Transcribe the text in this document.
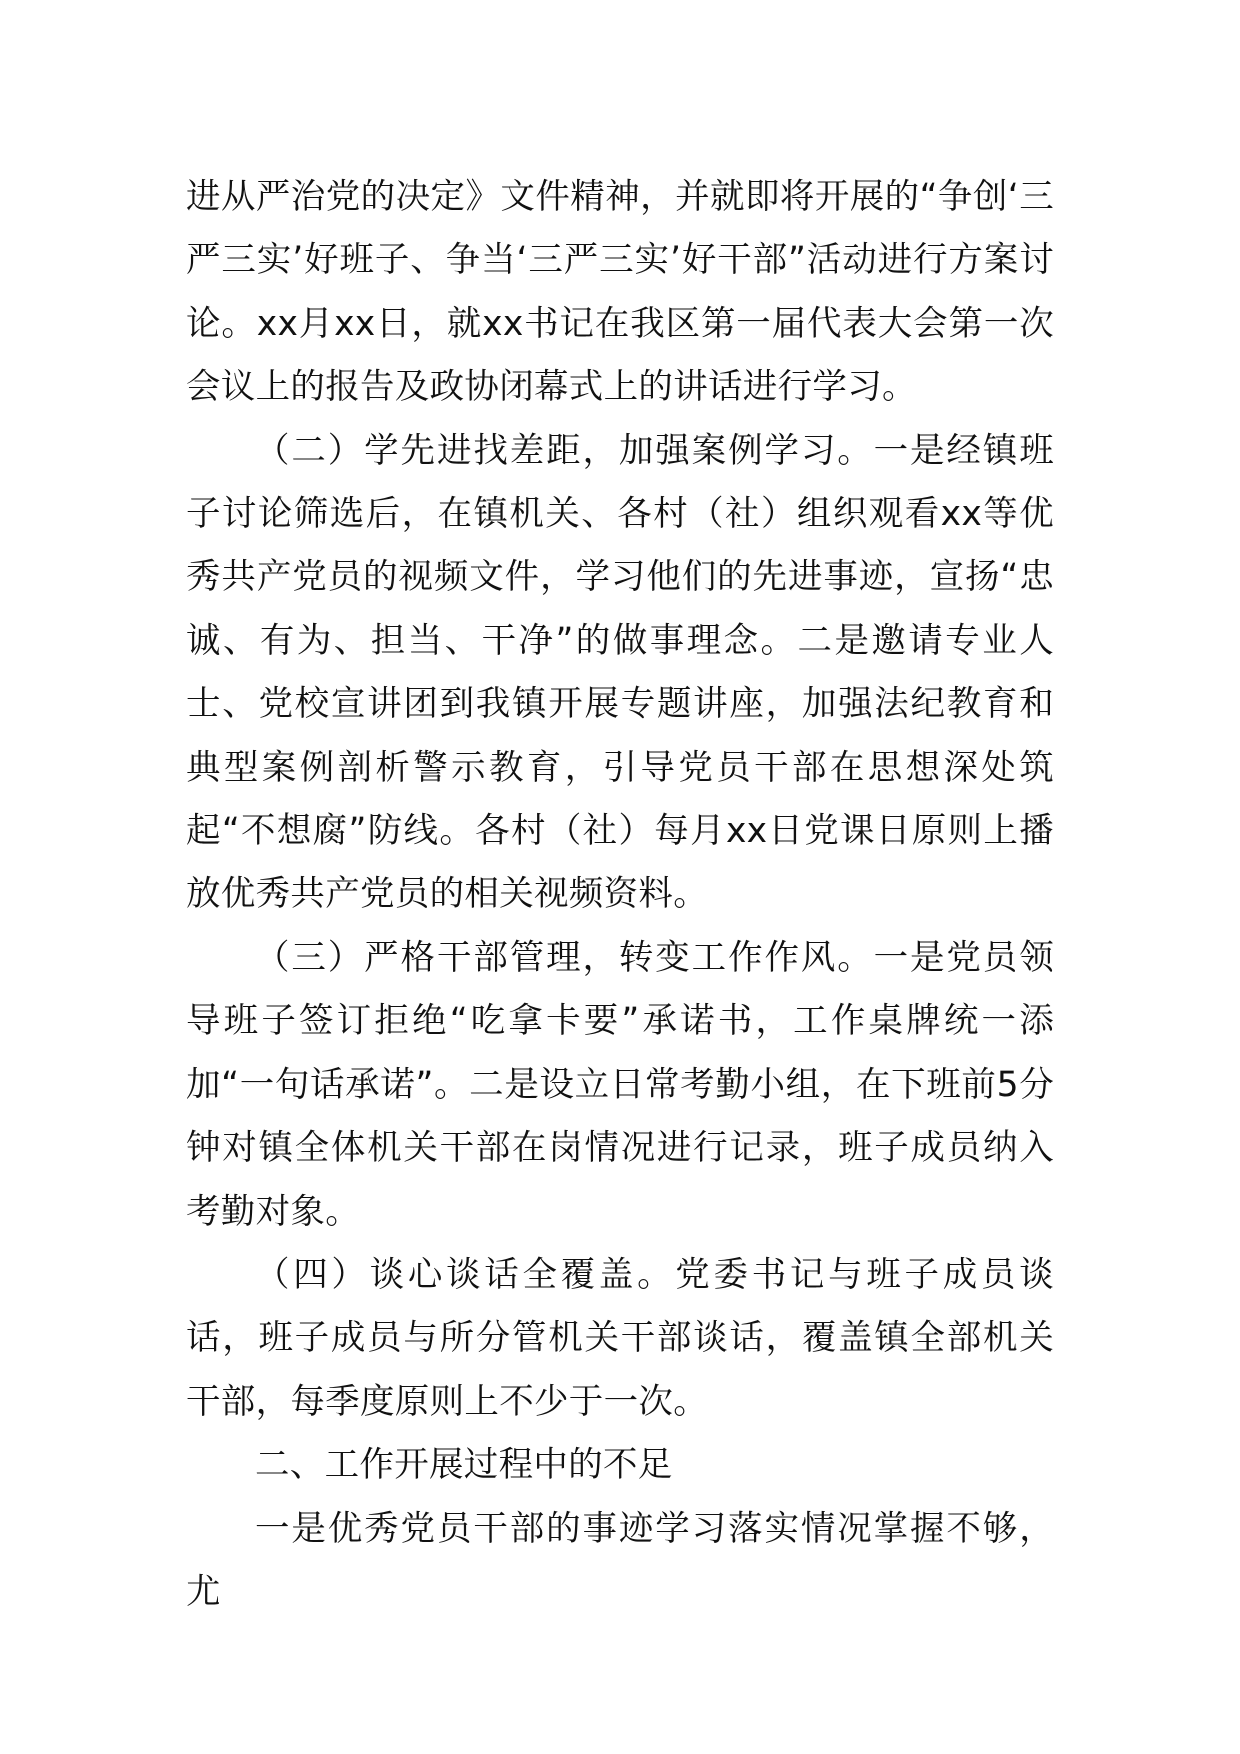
进从严治党的决定》文件精神，并就即将开展的“争创‘三严三实’好班子、争当‘三严三实’好干部”活动进行方案讨论。xx月xx日，就xx书记在我区第一届代表大会第一次会议上的报告及政协闭幕式上的讲话进行学习。

（二）学先进找差距，加强案例学习。一是经镇班子讨论筛选后，在镇机关、各村（社）组织观看xx等优秀共产党员的视频文件，学习他们的先进事迹，宣扬“忠诚、有为、担当、干净”的做事理念。二是邀请专业人士、党校宣讲团到我镇开展专题讲座，加强法纪教育和典型案例剖析警示教育，引导党员干部在思想深处筑起“不想腐”防线。各村（社）每月xx日党课日原则上播放优秀共产党员的相关视频资料。

（三）严格干部管理，转变工作作风。一是党员领导班子签订拒绝“吃拿卡要”承诺书，工作桌牌统一添加“一句话承诺”。二是设立日常考勤小组，在下班前5分钟对镇全体机关干部在岗情况进行记录，班子成员纳入考勤对象。

（四）谈心谈话全覆盖。党委书记与班子成员谈话，班子成员与所分管机关干部谈话，覆盖镇全部机关干部，每季度原则上不少于一次。

二、工作开展过程中的不足

一是优秀党员干部的事迹学习落实情况掌握不够，尤
